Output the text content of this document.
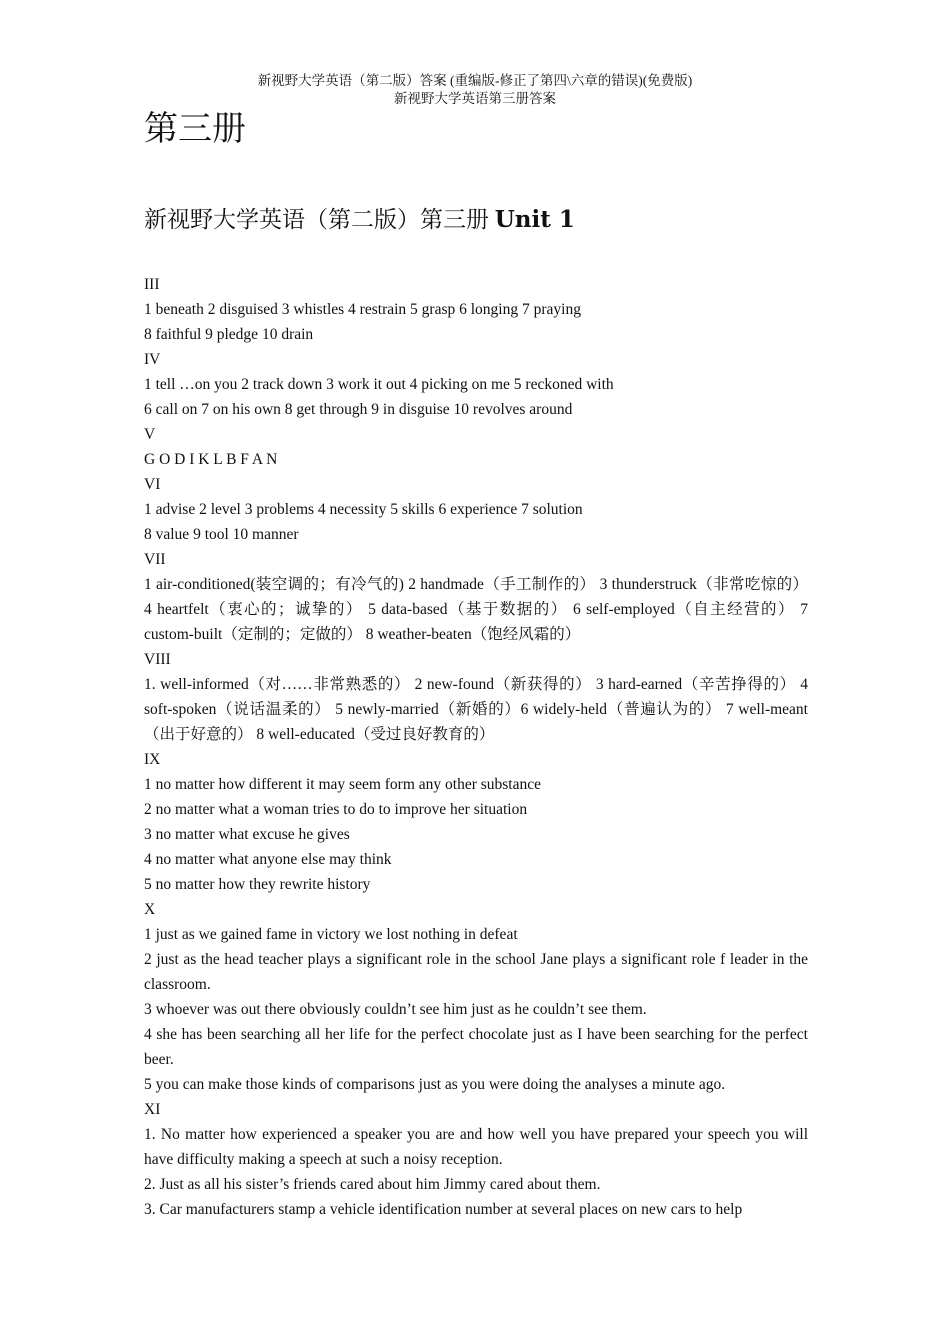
新视野大学英语（第二版）答案 (重编版-修正了第四\六章的错误)(免费版)
新视野大学英语第三册答案
第三册
新视野大学英语（第二版）第三册 Unit 1
III
1 beneath 2 disguised 3 whistles 4 restrain 5 grasp 6 longing 7 praying
8 faithful 9 pledge 10 drain
IV
1 tell …on you 2 track down 3 work it out 4 picking on me 5 reckoned with
6 call on 7 on his own 8 get through 9 in disguise 10 revolves around
V
G O D I K L B F A N
VI
1 advise 2 level 3 problems 4 necessity 5 skills 6 experience 7 solution
8 value 9 tool 10 manner
VII
1 air-conditioned(装空调的；有冷气的) 2 handmade（手工制作的） 3 thunderstruck（非常吃惊的） 4 heartfelt（衷心的；诚挚的） 5 data-based（基于数据的） 6 self-employed（自主经营的） 7 custom-built（定制的；定做的） 8 weather-beaten（饱经风霜的）
VIII
1. well-informed（对……非常熟悉的） 2 new-found（新获得的） 3 hard-earned（辛苦挣得的） 4 soft-spoken（说话温柔的） 5 newly-married（新婚的）6 widely-held（普遍认为的） 7 well-meant（出于好意的） 8 well-educated（受过良好教育的）
IX
1 no matter how different it may seem form any other substance
2 no matter what a woman tries to do to improve her situation
3 no matter what excuse he gives
4 no matter what anyone else may think
5 no matter how they rewrite history
X
1 just as we gained fame in victory we lost nothing in defeat
2 just as the head teacher plays a significant role in the school Jane plays a significant role f leader in the classroom.
3 whoever was out there obviously couldn’t see him just as he couldn’t see them.
4 she has been searching all her life for the perfect chocolate just as I have been searching for the perfect beer.
5 you can make those kinds of comparisons just as you were doing the analyses a minute ago.
XI
1. No matter how experienced a speaker you are and how well you have prepared your speech you will have difficulty making a speech at such a noisy reception.
2. Just as all his sister’s friends cared about him Jimmy cared about them.
3. Car manufacturers stamp a vehicle identification number at several places on new cars to help
